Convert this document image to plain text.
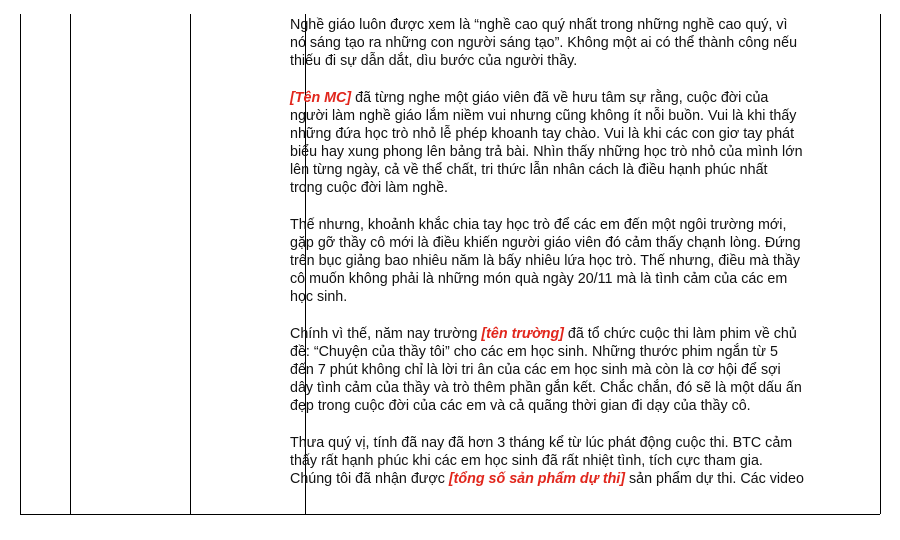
Nghề giáo luôn được xem là “nghề cao quý nhất trong những nghề cao quý, vì
nó sáng tạo ra những con người sáng tạo”. Không một ai có thể thành công nếu
thiếu đi sự dẫn dắt, dìu bước của người thầy.
[Tên MC] đã từng nghe một giáo viên đã về hưu tâm sự rằng, cuộc đời của
người làm nghề giáo lắm niềm vui nhưng cũng không ít nỗi buồn. Vui là khi thấy
những đứa học trò nhỏ lễ phép khoanh tay chào. Vui là khi các con giơ tay phát
biểu hay xung phong lên bảng trả bài. Nhìn thấy những học trò nhỏ của mình lớn
lên từng ngày, cả về thể chất, tri thức lẫn nhân cách là điều hạnh phúc nhất
trong cuộc đời làm nghề.
Thế nhưng, khoảnh khắc chia tay học trò để các em đến một ngôi trường mới,
gặp gỡ thầy cô mới là điều khiến người giáo viên đó cảm thấy chạnh lòng. Đứng
trên bục giảng bao nhiêu năm là bấy nhiêu lứa học trò. Thế nhưng, điều mà thầy
cô muốn không phải là những món quà ngày 20/11 mà là tình cảm của các em
học sinh.
Chính vì thế, năm nay trường [tên trường] đã tổ chức cuộc thi làm phim về chủ
đề: “Chuyện của thầy tôi” cho các em học sinh. Những thước phim ngắn từ 5
đến 7 phút không chỉ là lời tri ân của các em học sinh mà còn là cơ hội để sợi
dây tình cảm của thầy và trò thêm phần gắn kết. Chắc chắn, đó sẽ là một dấu ấn
đẹp trong cuộc đời của các em và cả quãng thời gian đi dạy của thầy cô.
Thưa quý vị, tính đã nay đã hơn 3 tháng kể từ lúc phát động cuộc thi. BTC cảm
thấy rất hạnh phúc khi các em học sinh đã rất nhiệt tình, tích cực tham gia.
Chúng tôi đã nhận được [tổng số sản phẩm dự thi] sản phẩm dự thi. Các video
